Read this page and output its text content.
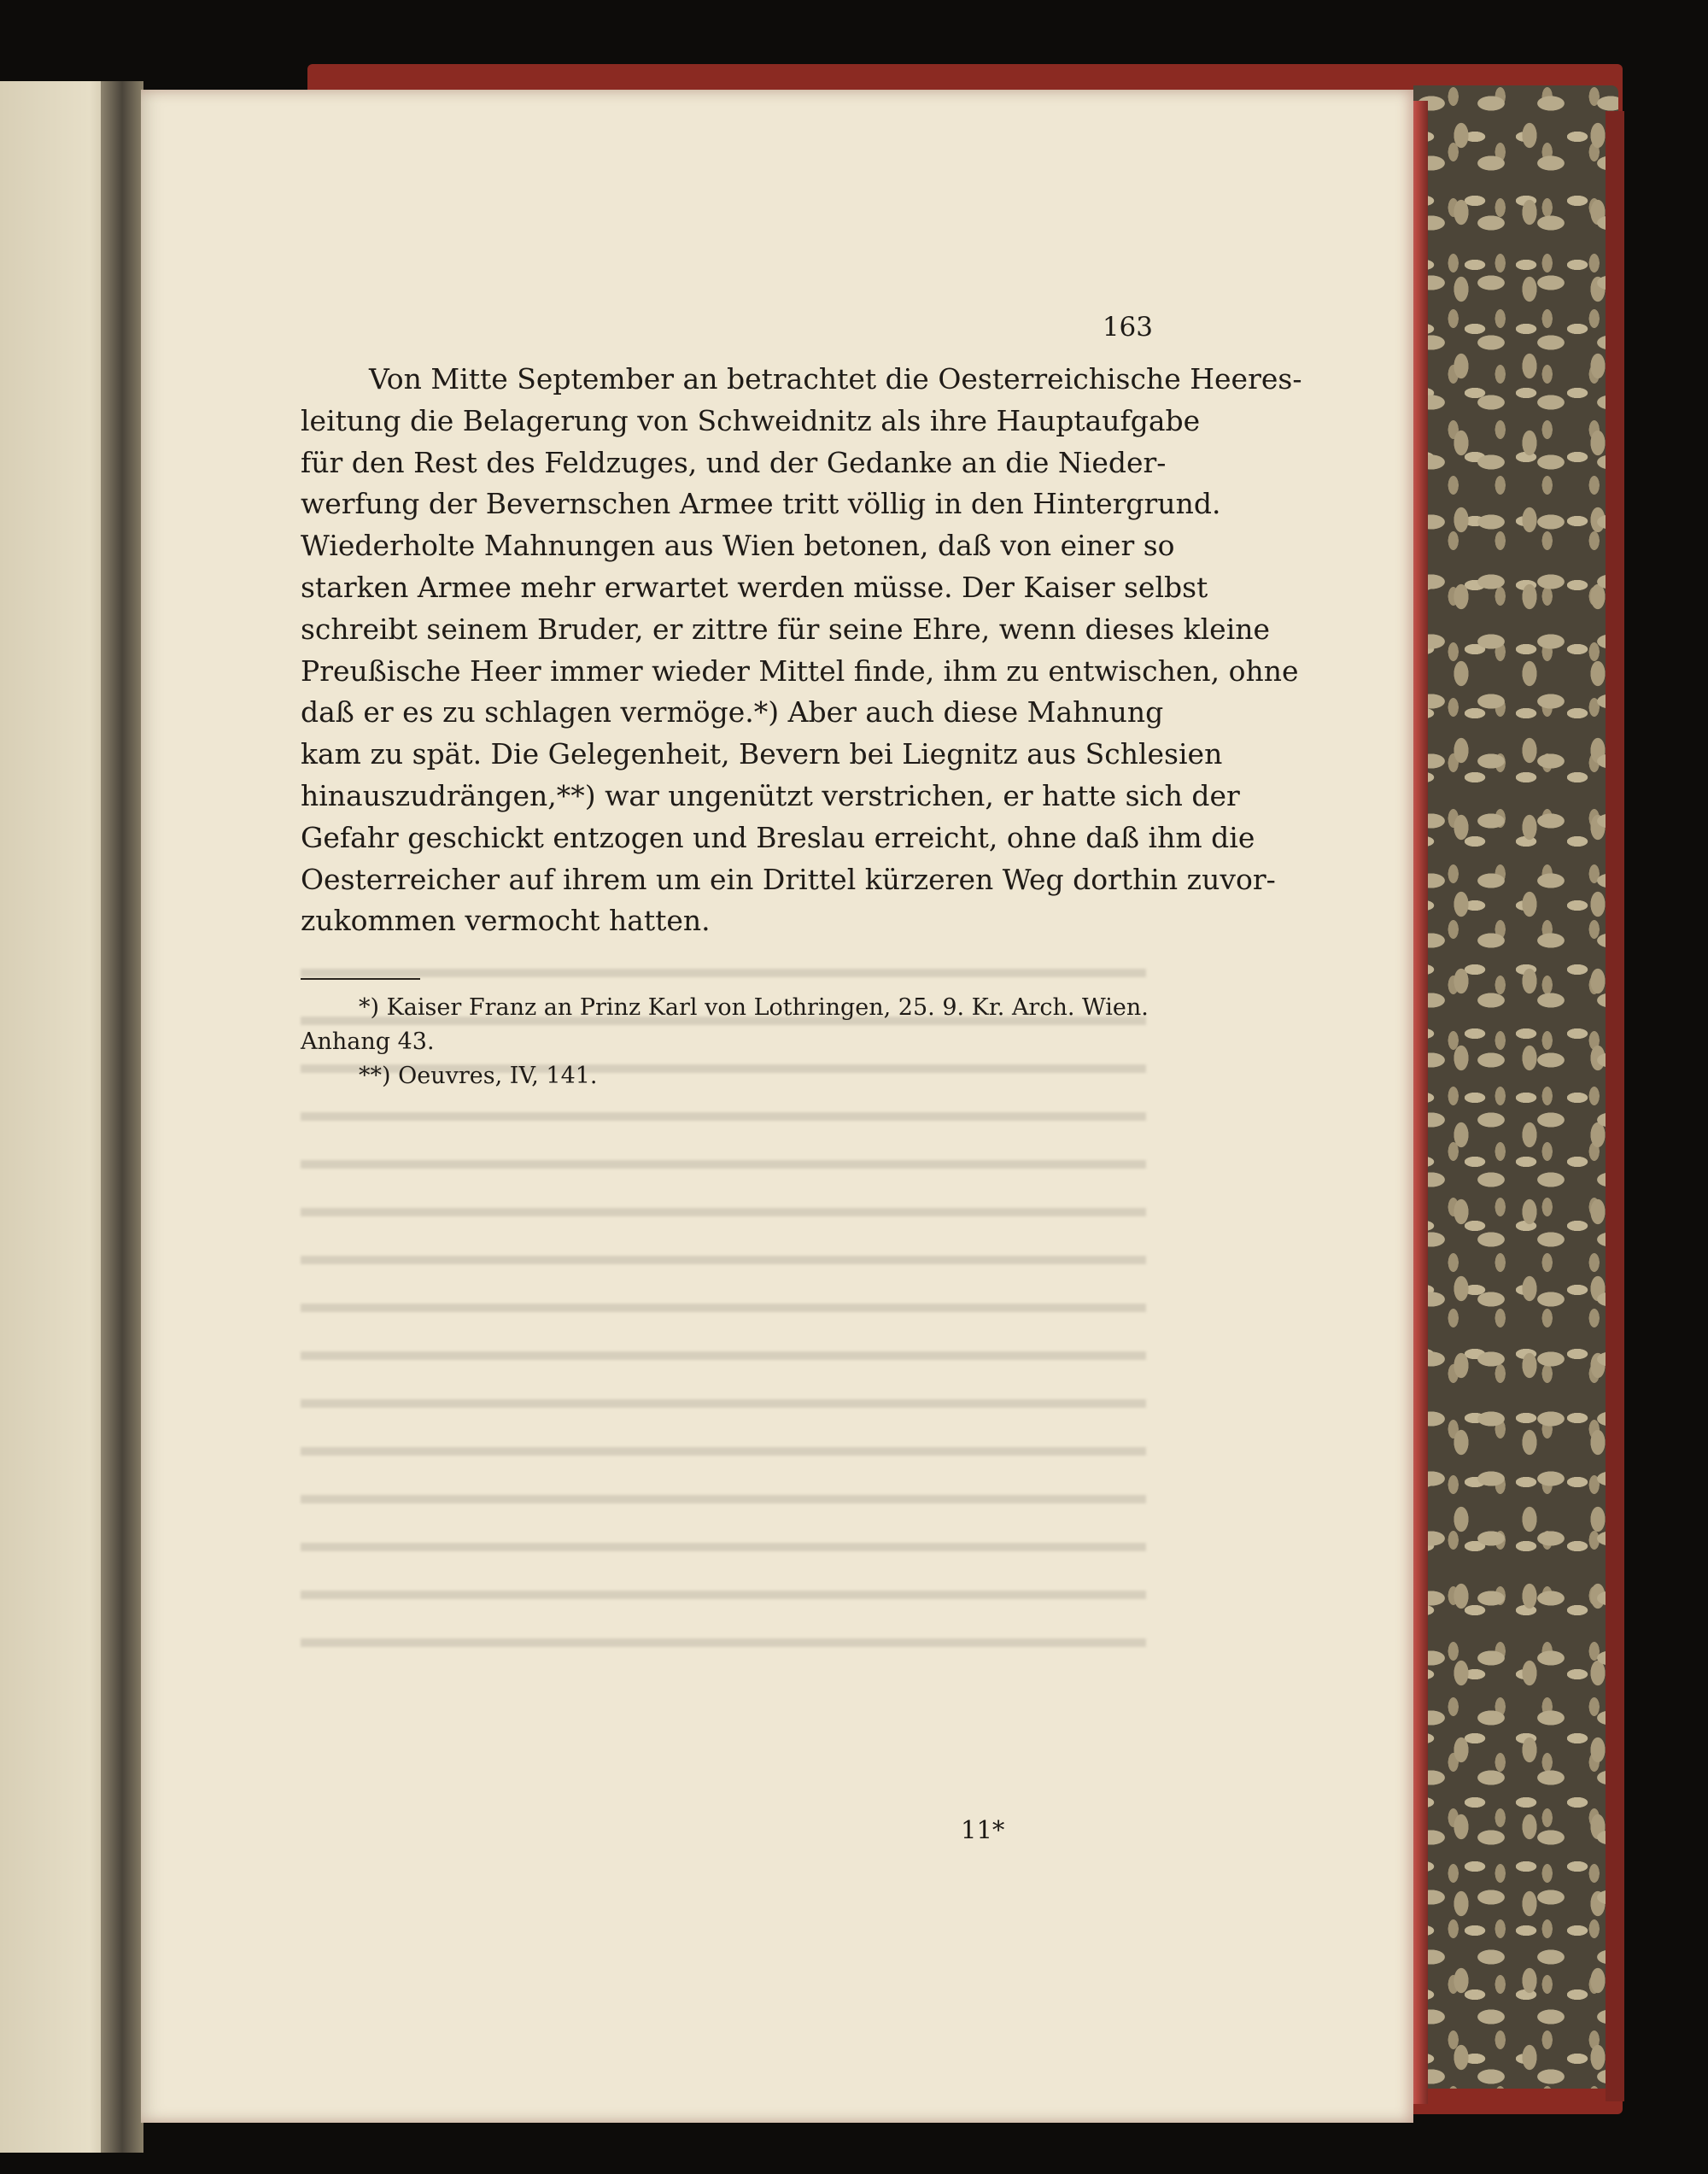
163
Von Mitte September an betrachtet die Oesterreichische Heeres-
leitung die Belagerung von Schweidnitz als ihre Hauptaufgabe
für den Rest des Feldzuges, und der Gedanke an die Nieder-
werfung der Bevernschen Armee tritt völlig in den Hintergrund.
Wiederholte Mahnungen aus Wien betonen, daß von einer so
starken Armee mehr erwartet werden müsse. Der Kaiser selbst
schreibt seinem Bruder, er zittre für seine Ehre, wenn dieses kleine
Preußische Heer immer wieder Mittel finde, ihm zu entwischen, ohne
daß er es zu schlagen vermöge.*) Aber auch diese Mahnung
kam zu spät. Die Gelegenheit, Bevern bei Liegnitz aus Schlesien
hinauszudrängen,**) war ungenützt verstrichen, er hatte sich der
Gefahr geschickt entzogen und Breslau erreicht, ohne daß ihm die
Oesterreicher auf ihrem um ein Drittel kürzeren Weg dorthin zuvor-
zukommen vermocht hatten.
*) Kaiser Franz an Prinz Karl von Lothringen, 25. 9. Kr. Arch. Wien.
Anhang 43.
**) Oeuvres, IV, 141.
11*
